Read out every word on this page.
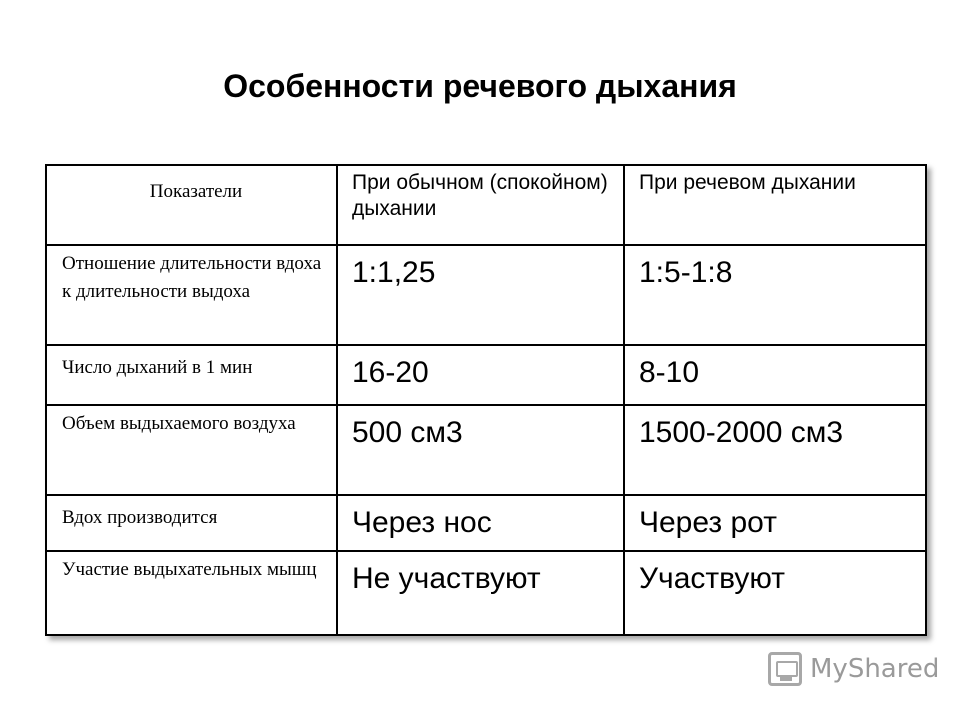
Особенности речевого дыхания
Показатели	При обычном (спокойном) дыхании	При речевом дыхании
Отношение длительности вдоха к длительности выдоха	1:1,25	1:5-1:8
Число дыханий в 1 мин	16-20	8-10
Объем выдыхаемого воздуха	500 см3	1500-2000 см3
Вдох производится	Через нос	Через рот
Участие выдыхательных мышц	Не участвуют	Участвуют
MyShared
